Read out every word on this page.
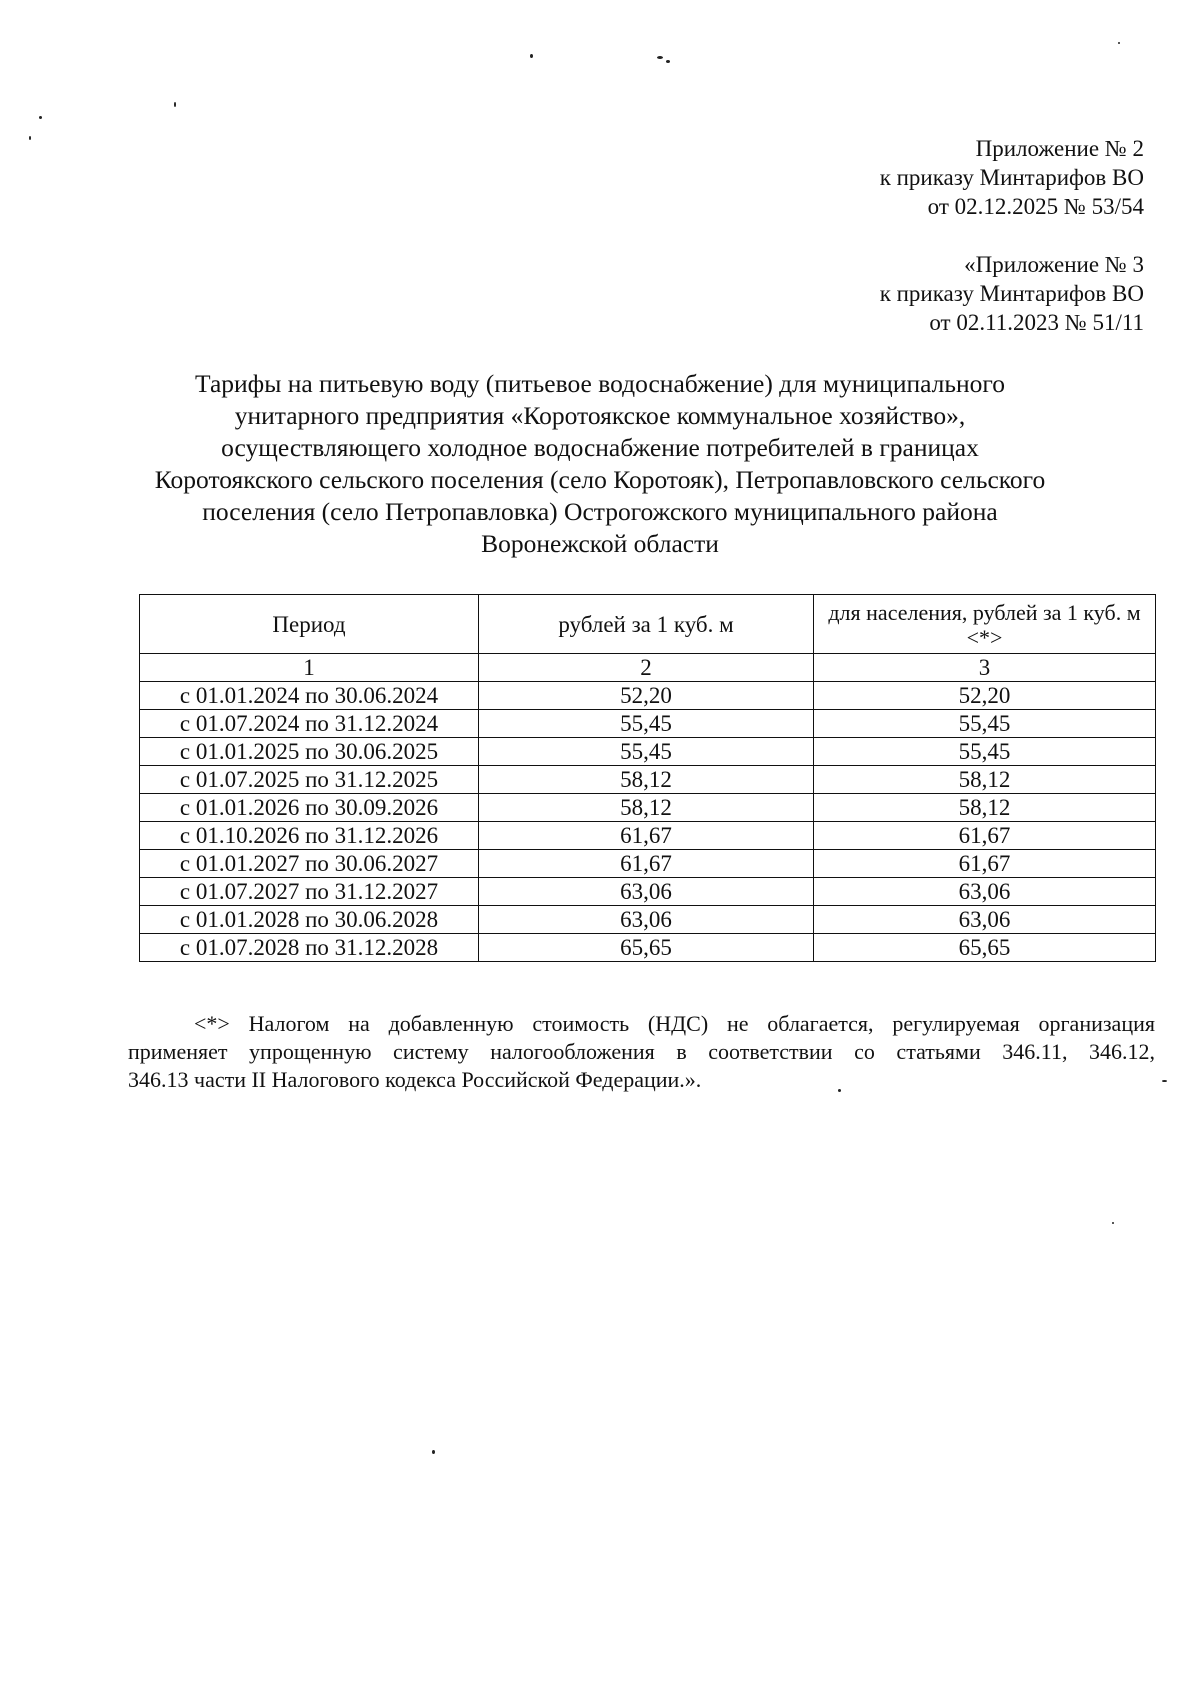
Приложение № 2
к приказу Минтарифов ВО
от 02.12.2025 № 53/54
«Приложение № 3
к приказу Минтарифов ВО
от 02.11.2023 № 51/11
Тарифы на питьевую воду (питьевое водоснабжение) для муниципального
унитарного предприятия «Коротоякское коммунальное хозяйство»,
осуществляющего холодное водоснабжение потребителей в границах
Коротоякского сельского поселения (село Коротояк), Петропавловского сельского
поселения (село Петропавловка) Острогожского муниципального района
Воронежской области
Период	рублей за 1 куб. м	для населения, рублей за 1 куб. м <*>
1	2	3
с 01.01.2024 по 30.06.2024	52,20	52,20
с 01.07.2024 по 31.12.2024	55,45	55,45
с 01.01.2025 по 30.06.2025	55,45	55,45
с 01.07.2025 по 31.12.2025	58,12	58,12
с 01.01.2026 по 30.09.2026	58,12	58,12
с 01.10.2026 по 31.12.2026	61,67	61,67
с 01.01.2027 по 30.06.2027	61,67	61,67
с 01.07.2027 по 31.12.2027	63,06	63,06
с 01.01.2028 по 30.06.2028	63,06	63,06
с 01.07.2028 по 31.12.2028	65,65	65,65
<*> Налогом на добавленную стоимость (НДС) не облагается, регулируемая организация
применяет упрощенную систему налогообложения в соответствии со статьями 346.11, 346.12,
346.13 части II Налогового кодекса Российской Федерации.».
